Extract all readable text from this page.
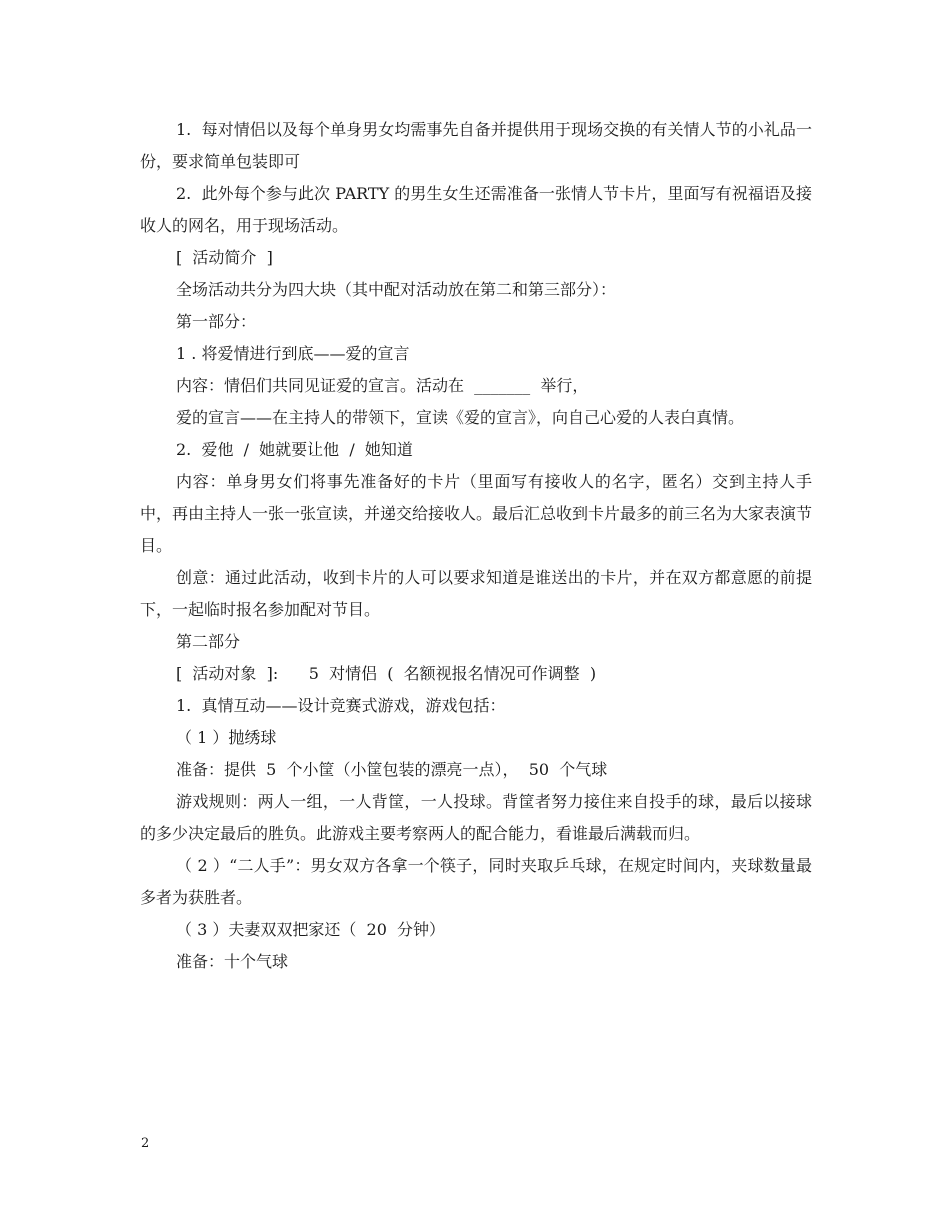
1.  每对情侣以及每个单身男女均需事先自备并提供用于现场交换的有关情人节的小礼品一份，要求简单包装即可

2.  此外每个参与此次 PARTY 的男生女生还需准备一张情人节卡片，里面写有祝福语及接收人的网名，用于现场活动。

[  活动简介  ]

全场活动共分为四大块（其中配对活动放在第二和第三部分）：

第一部分：

1 . 将爱情进行到底——爱的宣言

内容：情侣们共同见证爱的宣言。活动在  _______  举行，

爱的宣言——在主持人的带领下，宣读《爱的宣言》，向自己心爱的人表白真情。

2.  爱他  /  她就要让他  /  她知道

内容：单身男女们将事先准备好的卡片（里面写有接收人的名字，匿名）交到主持人手中，再由主持人一张一张宣读，并递交给接收人。最后汇总收到卡片最多的前三名为大家表演节目。

创意：通过此活动，收到卡片的人可以要求知道是谁送出的卡片，并在双方都意愿的前提下，一起临时报名参加配对节目。

第二部分

[  活动对象  ]:      5  对情侣  (  名额视报名情况可作调整  )

1.  真情互动——设计竞赛式游戏，游戏包括：

（ 1 ）抛绣球

准备：提供  5  个小筐（小筐包装的漂亮一点），  50  个气球

游戏规则：两人一组，一人背筐，一人投球。背筐者努力接住来自投手的球，最后以接球的多少决定最后的胜负。此游戏主要考察两人的配合能力，看谁最后满载而归。

（ 2 ）“二人手”：男女双方各拿一个筷子，同时夹取乒乓球，在规定时间内，夹球数量最多者为获胜者。

（ 3 ）夫妻双双把家还（  20  分钟）

准备：十个气球

2
